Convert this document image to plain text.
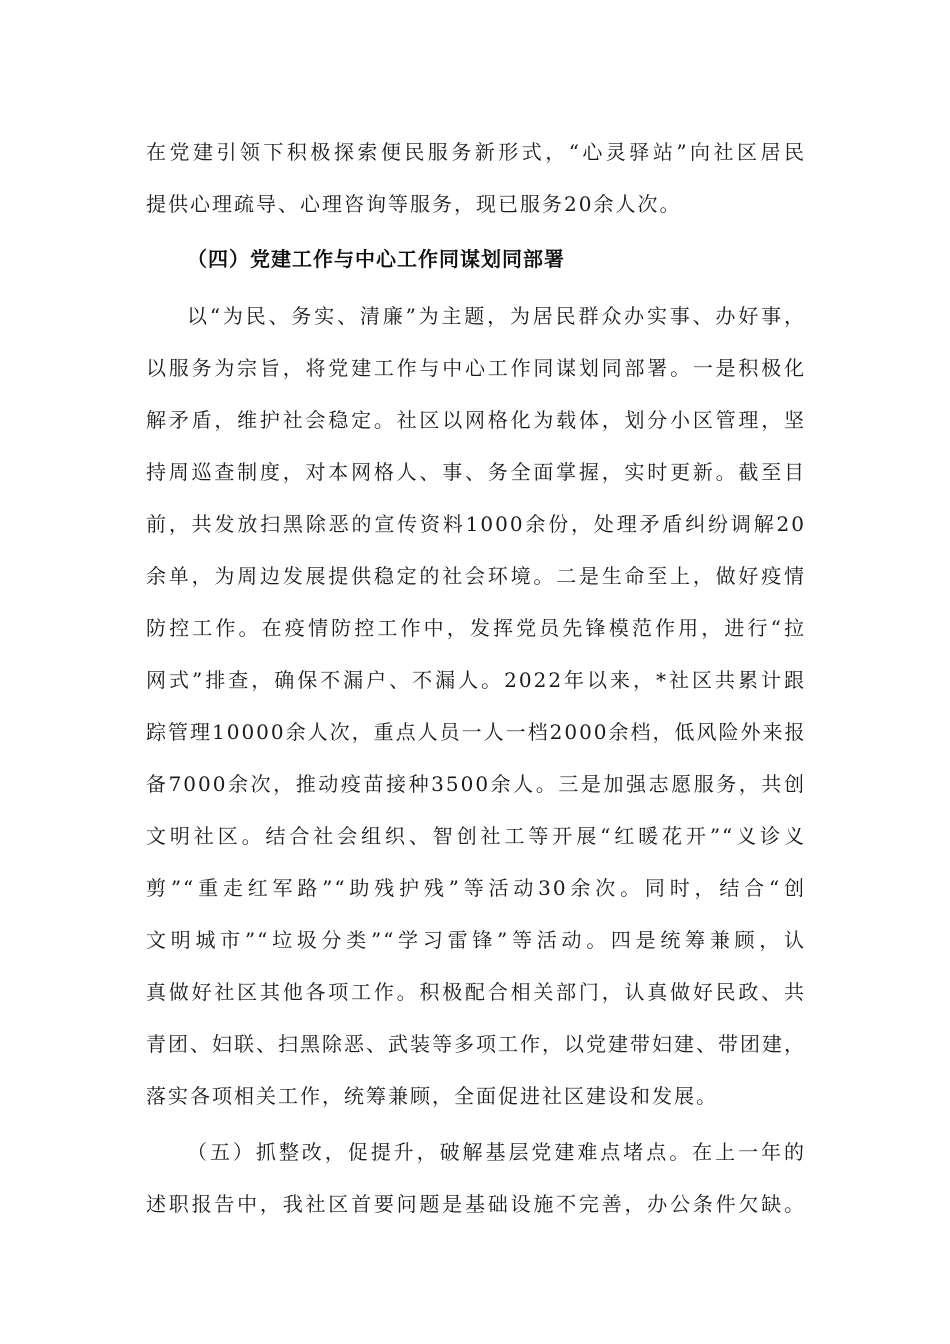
在党建引领下积极探索便民服务新形式，“心灵驿站”向社区居民

提供心理疏导、心理咨询等服务，现已服务20余人次。

（四）党建工作与中心工作同谋划同部署

以“为民、务实、清廉”为主题，为居民群众办实事、办好事，

以服务为宗旨，将党建工作与中心工作同谋划同部署。一是积极化

解矛盾，维护社会稳定。社区以网格化为载体，划分小区管理，坚

持周巡查制度，对本网格人、事、务全面掌握，实时更新。截至目

前，共发放扫黑除恶的宣传资料1000余份，处理矛盾纠纷调解20

余单，为周边发展提供稳定的社会环境。二是生命至上，做好疫情

防控工作。在疫情防控工作中，发挥党员先锋模范作用，进行“拉

网式”排查，确保不漏户、不漏人。2022年以来，*社区共累计跟

踪管理10000余人次，重点人员一人一档2000余档，低风险外来报

备7000余次，推动疫苗接种3500余人。三是加强志愿服务，共创

文明社区。结合社会组织、智创社工等开展“红暖花开”“义诊义

剪”“重走红军路”“助残护残”等活动30余次。同时，结合“创

文明城市”“垃圾分类”“学习雷锋”等活动。四是统筹兼顾，认

真做好社区其他各项工作。积极配合相关部门，认真做好民政、共

青团、妇联、扫黑除恶、武装等多项工作，以党建带妇建、带团建，

落实各项相关工作，统筹兼顾，全面促进社区建设和发展。

（五）抓整改，促提升，破解基层党建难点堵点。在上一年的

述职报告中，我社区首要问题是基础设施不完善，办公条件欠缺。
